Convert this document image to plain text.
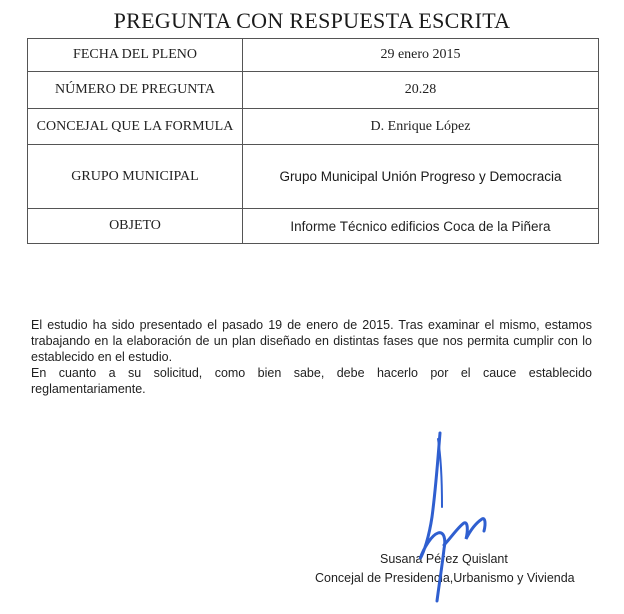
PREGUNTA CON RESPUESTA ESCRITA
FECHA DEL PLENO	29 enero 2015
NÚMERO DE PREGUNTA	20.28
CONCEJAL QUE LA FORMULA	D. Enrique López
GRUPO MUNICIPAL	Grupo Municipal Unión Progreso y Democracia
OBJETO	Informe Técnico edificios Coca de la Piñera

El estudio ha sido presentado el pasado 19 de enero de 2015. Tras examinar el mismo, estamos trabajando en la elaboración de un plan diseñado en distintas fases que nos permita cumplir con lo establecido en el estudio.

En cuanto a su solicitud, como bien sabe, debe hacerlo por el cauce establecido reglamentariamente.

Susana Pérez Quislant
Concejal de Presidencia,Urbanismo y Vivienda
